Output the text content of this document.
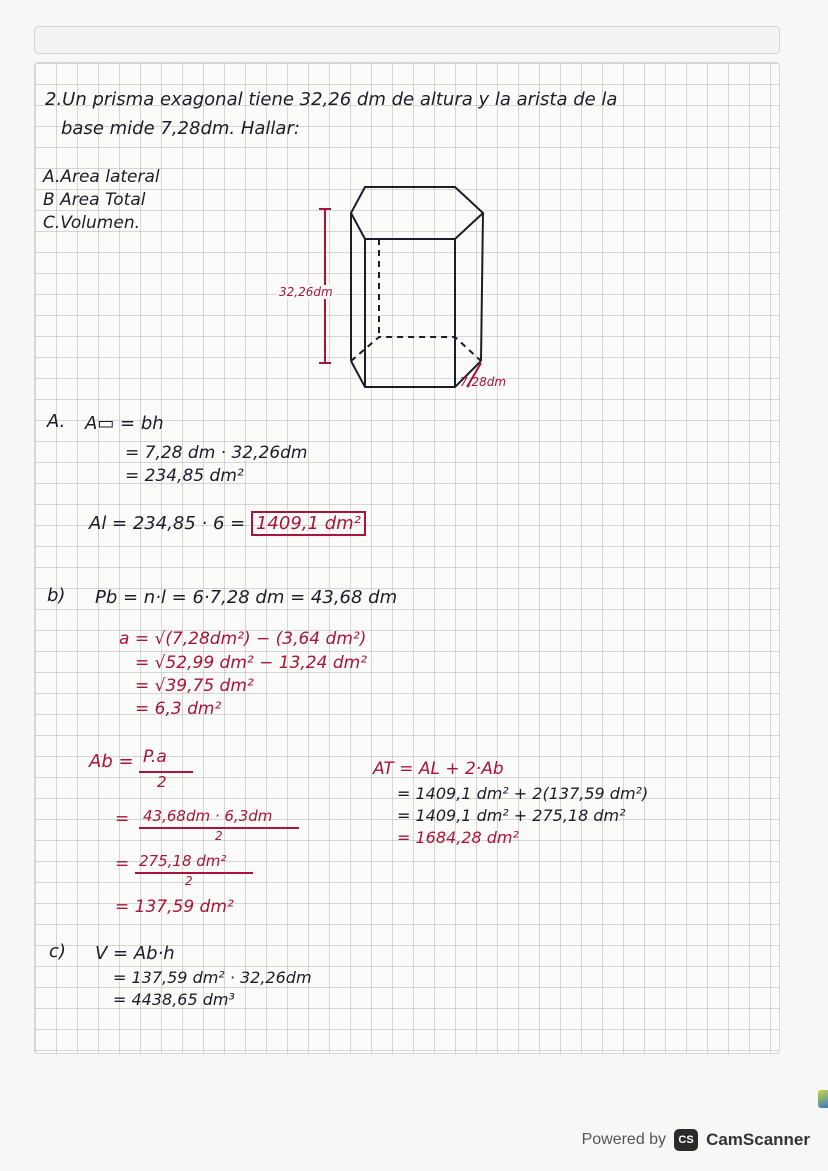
2.Un prisma exagonal tiene 32,26 dm de altura y la arista de la
base mide 7,28dm. Hallar:
A.Area lateral
B Area Total
C.Volumen.
32,26dm
7,28dm
A. A▭ = bh
= 7,28 dm · 32,26dm
= 234,85 dm²
Al = 234,85 · 6 = 1409,1 dm²
b) Pb = n·l = 6·7,28 dm = 43,68 dm
a = √(7,28dm²) − (3,64 dm²)
= √52,99 dm² − 13,24 dm²
= √39,75 dm²
= 6,3 dm²
Ab = P.a
2
= 43,68dm · 6,3dm
2
= 275,18 dm²
2
= 137,59 dm²
AT = AL + 2·Ab
= 1409,1 dm² + 2(137,59 dm²)
= 1409,1 dm² + 275,18 dm²
= 1684,28 dm²
c) V = Ab·h
= 137,59 dm² · 32,26dm
= 4438,65 dm³
Powered by	CS CamScanner
